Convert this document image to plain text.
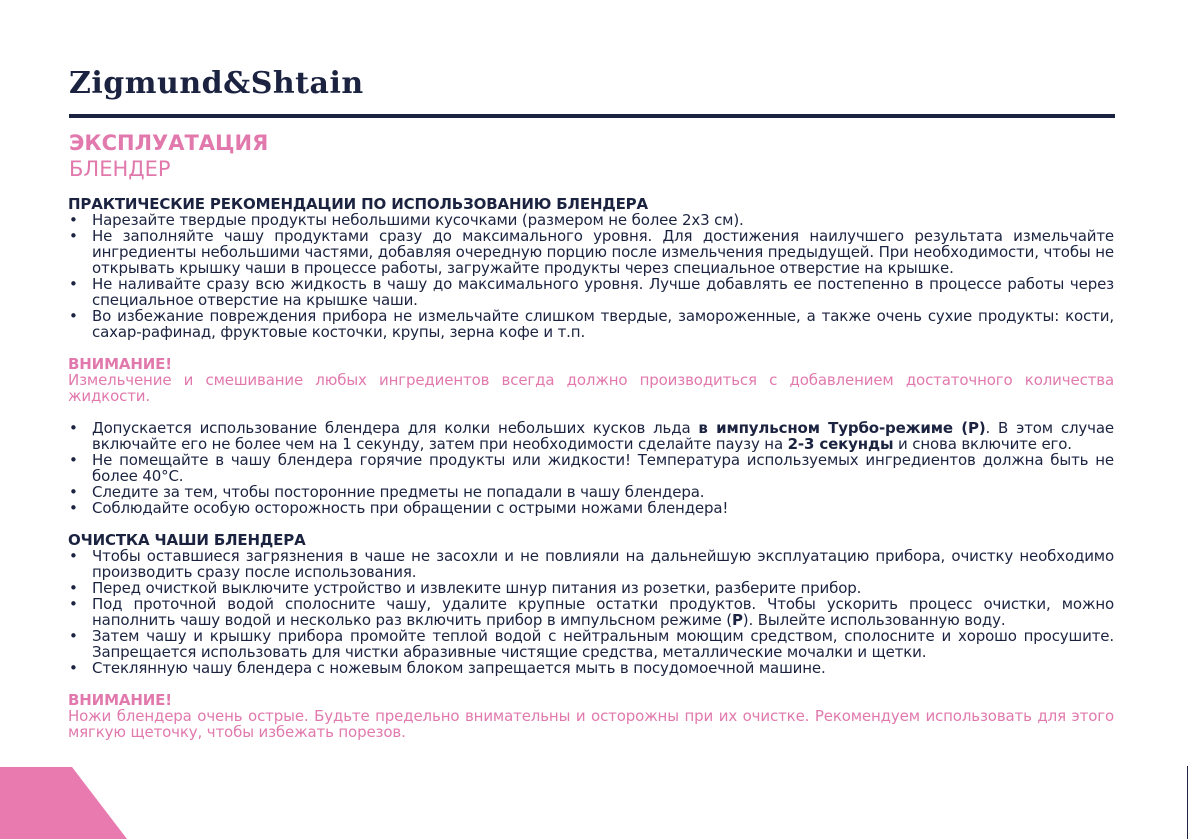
Zigmund&Shtain
ЭКСПЛУАТАЦИЯ
БЛЕНДЕР
ПРАКТИЧЕСКИЕ РЕКОМЕНДАЦИИ ПО ИСПОЛЬЗОВАНИЮ БЛЕНДЕРА
• Нарезайте твердые продукты небольшими кусочками (размером не более 2х3 см).
• Не заполняйте чашу продуктами сразу до максимального уровня. Для достижения наилучшего результата измельчайте ингредиенты небольшими частями, добавляя очередную порцию после измельчения предыдущей. При необходимости, чтобы не открывать крышку чаши в процессе работы, загружайте продукты через специальное отверстие на крышке.
• Не наливайте сразу всю жидкость в чашу до максимального уровня. Лучше добавлять ее постепенно в процессе работы через специальное отверстие на крышке чаши.
• Во избежание повреждения прибора не измельчайте слишком твердые, замороженные, а также очень сухие продукты: кости, сахар-рафинад, фруктовые косточки, крупы, зерна кофе и т.п.
ВНИМАНИЕ!
Измельчение и смешивание любых ингредиентов всегда должно производиться с добавлением достаточного количества жидкости.
• Допускается использование блендера для колки небольших кусков льда в импульсном Турбо-режиме (P). В этом случае включайте его не более чем на 1 секунду, затем при необходимости сделайте паузу на 2-3 секунды и снова включите его.
• Не помещайте в чашу блендера горячие продукты или жидкости! Температура используемых ингредиентов должна быть не более 40°С.
• Следите за тем, чтобы посторонние предметы не попадали в чашу блендера.
• Соблюдайте особую осторожность при обращении с острыми ножами блендера!
ОЧИСТКА ЧАШИ БЛЕНДЕРА
• Чтобы оставшиеся загрязнения в чаше не засохли и не повлияли на дальнейшую эксплуатацию прибора, очистку необходимо производить сразу после использования.
• Перед очисткой выключите устройство и извлеките шнур питания из розетки, разберите прибор.
• Под проточной водой сполосните чашу, удалите крупные остатки продуктов. Чтобы ускорить процесс очистки, можно наполнить чашу водой и несколько раз включить прибор в импульсном режиме (P). Вылейте использованную воду.
• Затем чашу и крышку прибора промойте теплой водой с нейтральным моющим средством, сполосните и хорошо просушите. Запрещается использовать для чистки абразивные чистящие средства, металлические мочалки и щетки.
• Стеклянную чашу блендера с ножевым блоком запрещается мыть в посудомоечной машине.
ВНИМАНИЕ!
Ножи блендера очень острые. Будьте предельно внимательны и осторожны при их очистке. Рекомендуем использовать для этого мягкую щеточку, чтобы избежать порезов.
